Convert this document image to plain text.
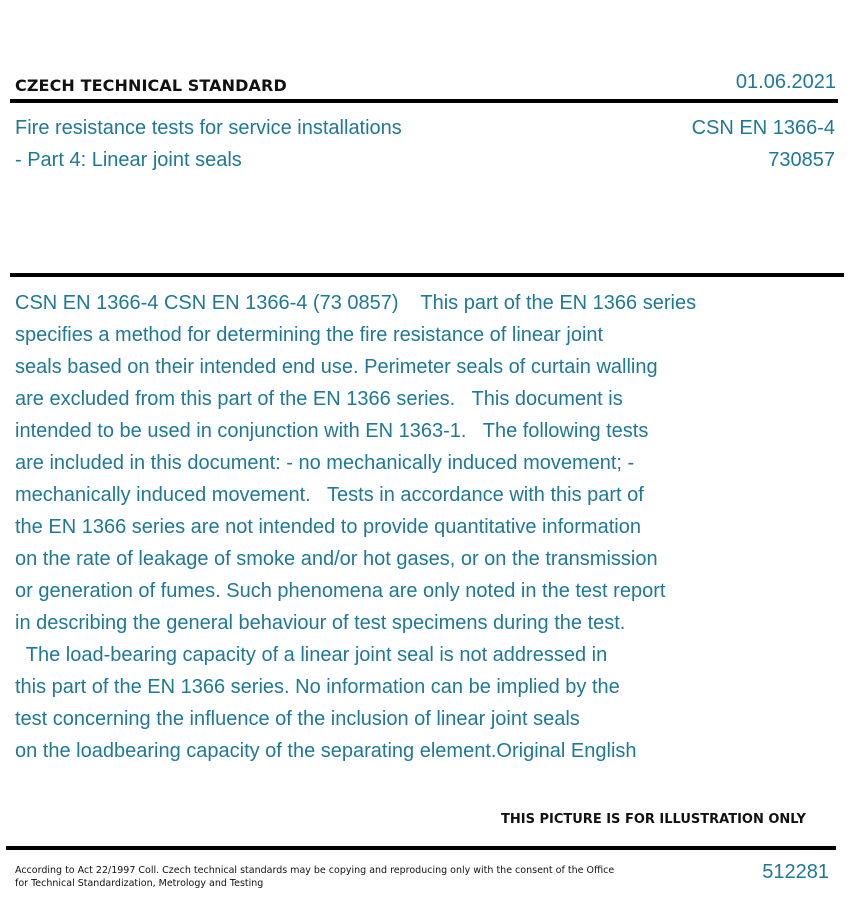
CZECH TECHNICAL STANDARD	01.06.2021
Fire resistance tests for service installations
- Part 4: Linear joint seals
CSN EN 1366-4
730857
CSN EN 1366-4 CSN EN 1366-4 (73 0857)    This part of the EN 1366 series
specifies a method for determining the fire resistance of linear joint
seals based on their intended end use. Perimeter seals of curtain walling
are excluded from this part of the EN 1366 series.   This document is
intended to be used in conjunction with EN 1363-1.   The following tests
are included in this document: - no mechanically induced movement; -
mechanically induced movement.   Tests in accordance with this part of
the EN 1366 series are not intended to provide quantitative information
on the rate of leakage of smoke and/or hot gases, or on the transmission
or generation of fumes. Such phenomena are only noted in the test report
in describing the general behaviour of test specimens during the test.
The load-bearing capacity of a linear joint seal is not addressed in
this part of the EN 1366 series. No information can be implied by the
test concerning the influence of the inclusion of linear joint seals
on the loadbearing capacity of the separating element.Original English
THIS PICTURE IS FOR ILLUSTRATION ONLY
According to Act 22/1997 Coll. Czech technical standards may be copying and reproducing only with the consent of the Office
for Technical Standardization, Metrology and Testing
512281
